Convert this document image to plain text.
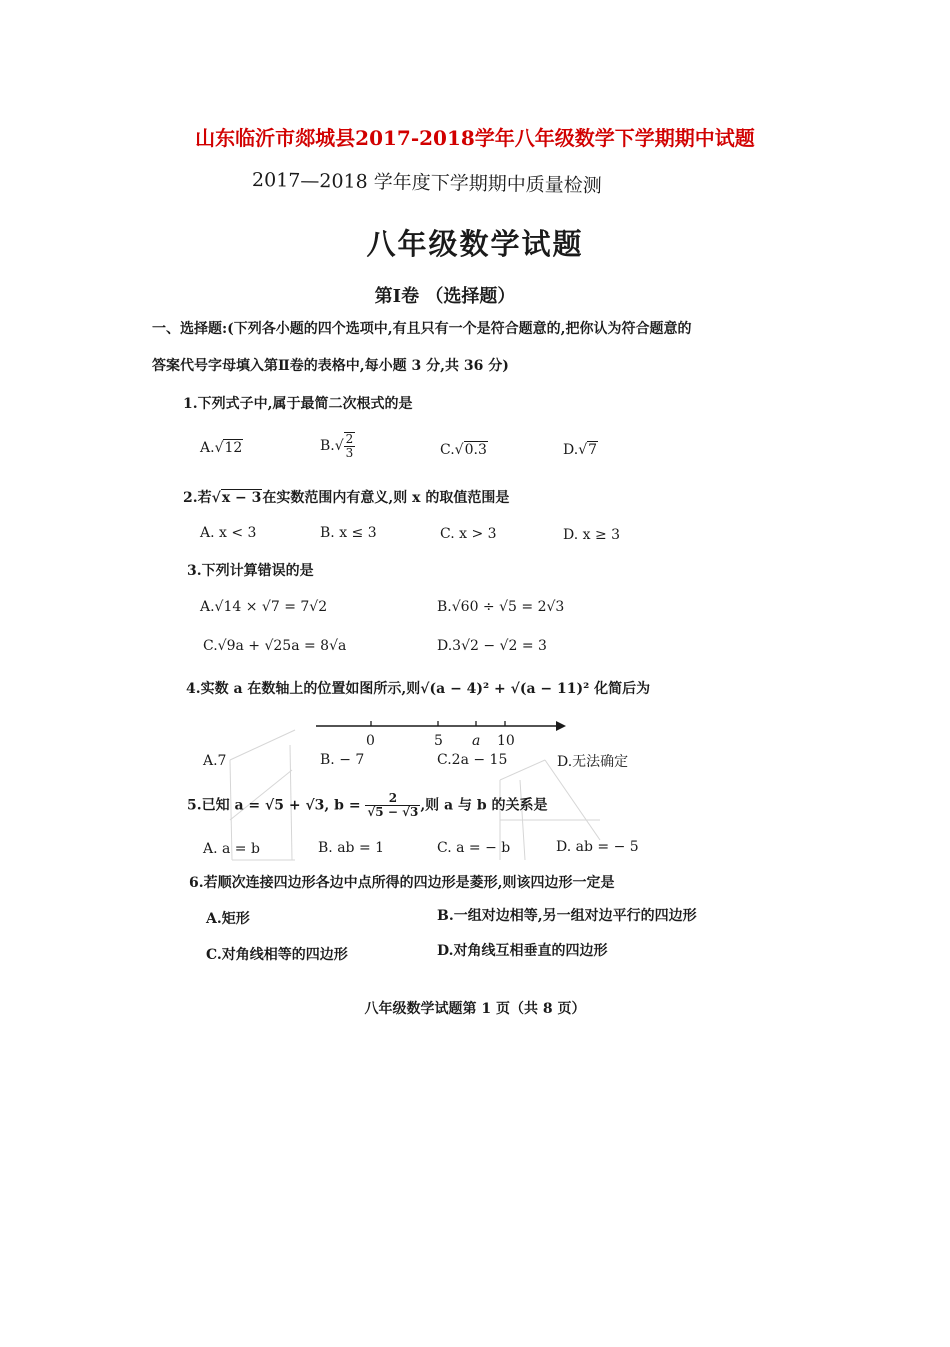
山东临沂市郯城县2017-2018学年八年级数学下学期期中试题
2017—2018 学年度下学期期中质量检测
八年级数学试题
第Ⅰ卷 （选择题）
一、选择题:(下列各小题的四个选项中,有且只有一个是符合题意的,把你认为符合题意的
答案代号字母填入第Ⅱ卷的表格中,每小题 3 分,共 36 分)
1.下列式子中,属于最简二次根式的是
A.√12	$B.√ \frac{2}{3}$	C.√0.3	D.√7
2.若√x − 3在实数范围内有意义,则 x 的取值范围是
A. x < 3	B. x ≤ 3	C. x > 3	D. x ≥ 3
3.下列计算错误的是
A.√14 × √7 = 7√2	B.√60 ÷ √5 = 2√3
C.√9a + √25a = 8√a	D.3√2 − √2 = 3
4.实数 a 在数轴上的位置如图所示,则√(a − 4)² + √(a − 11)² 化简后为
0	5 a 10
A.7	B. − 7	C.2a − 15	D.无法确定
5.已知 a = √5 + √3, $b = \frac{2}{√5 - √3}$ ,则 a 与 b 的关系是
A. a = b	B. ab = 1	C. a = − b	D. ab = − 5
6.若顺次连接四边形各边中点所得的四边形是菱形,则该四边形一定是
A.矩形	B.一组对边相等,另一组对边平行的四边形
C.对角线相等的四边形	D.对角线互相垂直的四边形
八年级数学试题第 1 页（共 8 页）
